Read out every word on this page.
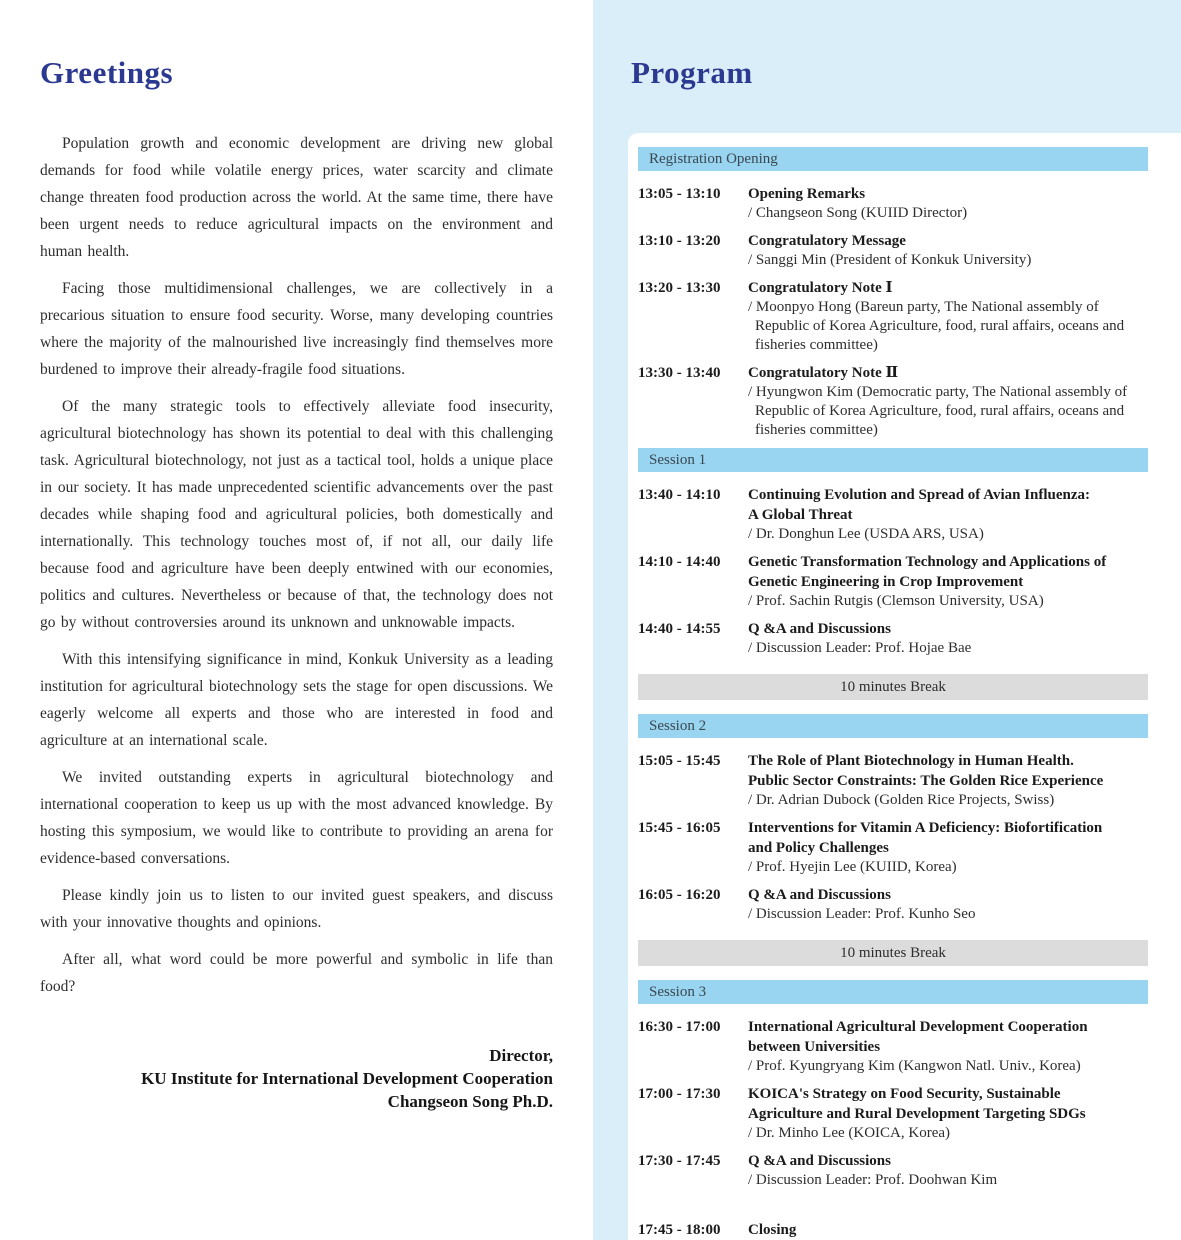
Greetings

Population growth and economic development are driving new global demands for food while volatile energy prices, water scarcity and climate change threaten food production across the world. At the same time, there have been urgent needs to reduce agricultural impacts on the environment and human health.

Facing those multidimensional challenges, we are collectively in a precarious situation to ensure food security. Worse, many developing countries where the majority of the malnourished live increasingly find themselves more burdened to improve their already-fragile food situations.

Of the many strategic tools to effectively alleviate food insecurity, agricultural biotechnology has shown its potential to deal with this challenging task. Agricultural biotechnology, not just as a tactical tool, holds a unique place in our society. It has made unprecedented scientific advancements over the past decades while shaping food and agricultural policies, both domestically and internationally. This technology touches most of, if not all, our daily life because food and agriculture have been deeply entwined with our economies, politics and cultures. Nevertheless or because of that, the technology does not go by without controversies around its unknown and unknowable impacts.

With this intensifying significance in mind, Konkuk University as a leading institution for agricultural biotechnology sets the stage for open discussions. We eagerly welcome all experts and those who are interested in food and agriculture at an international scale.

We invited outstanding experts in agricultural biotechnology and international cooperation to keep us up with the most advanced knowledge. By hosting this symposium, we would like to contribute to providing an arena for evidence-based conversations.

Please kindly join us to listen to our invited guest speakers, and discuss with your innovative thoughts and opinions.

After all, what word could be more powerful and symbolic in life than food?

Director,
KU Institute for International Development Cooperation
Changseon Song Ph.D.
Program
Registration Opening
13:05 - 13:10	Opening Remarks
/ Changseon Song (KUIID Director)
13:10 - 13:20	Congratulatory Message
/ Sanggi Min (President of Konkuk University)
13:20 - 13:30	Congratulatory Note Ⅰ
/ Moonpyo Hong (Bareun party, The National assembly of
Republic of Korea Agriculture, food, rural affairs, oceans and
fisheries committee)
13:30 - 13:40	Congratulatory Note Ⅱ
/ Hyungwon Kim (Democratic party, The National assembly of
Republic of Korea Agriculture, food, rural affairs, oceans and
fisheries committee)
Session 1
13:40 - 14:10	Continuing Evolution and Spread of Avian Influenza:
A Global Threat
/ Dr. Donghun Lee (USDA ARS, USA)
14:10 - 14:40	Genetic Transformation Technology and Applications of
Genetic Engineering in Crop Improvement
/ Prof. Sachin Rutgis (Clemson University, USA)
14:40 - 14:55	Q &A and Discussions
/ Discussion Leader: Prof. Hojae Bae
10 minutes Break
Session 2
15:05 - 15:45	The Role of Plant Biotechnology in Human Health.
Public Sector Constraints: The Golden Rice Experience
/ Dr. Adrian Dubock (Golden Rice Projects, Swiss)
15:45 - 16:05	Interventions for Vitamin A Deficiency: Biofortification
and Policy Challenges
/ Prof. Hyejin Lee (KUIID, Korea)
16:05 - 16:20	Q &A and Discussions
/ Discussion Leader: Prof. Kunho Seo
10 minutes Break
Session 3
16:30 - 17:00	International Agricultural Development Cooperation
between Universities
/ Prof. Kyungryang Kim (Kangwon Natl. Univ., Korea)
17:00 - 17:30	KOICA's Strategy on Food Security, Sustainable
Agriculture and Rural Development Targeting SDGs
/ Dr. Minho Lee (KOICA, Korea)
17:30 - 17:45	Q &A and Discussions
/ Discussion Leader: Prof. Doohwan Kim
17:45 - 18:00	Closing
